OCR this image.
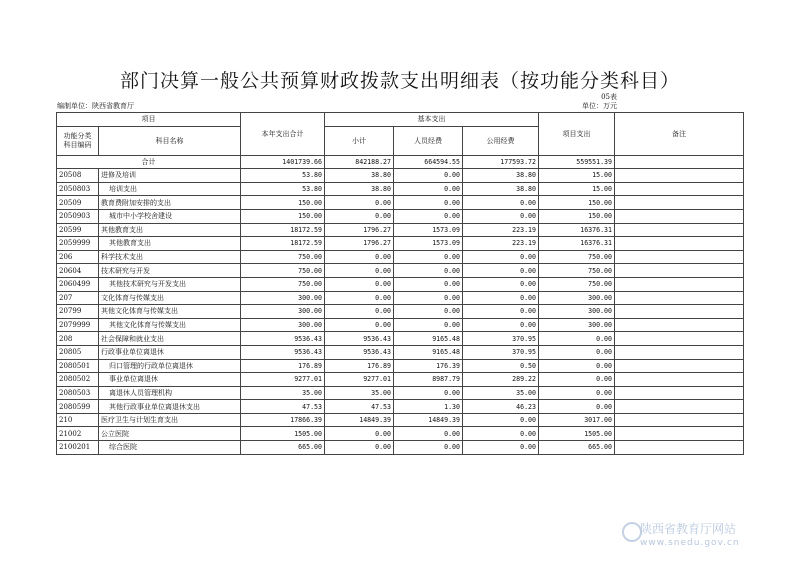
部门决算一般公共预算财政拨款支出明细表（按功能分类科目）
05表
编制单位：陕西省教育厅	单位：万元
项目		本年支出合计	基本支出			项目支出	备注
功能分类
科目编码	科目名称		小计	人员经费	公用经费		
合计		1401739.66	842188.27	664594.55	177593.72	559551.39	
20508	进修及培训	53.80	38.80	0.00	38.80	15.00	
2050803	培训支出	53.80	38.80	0.00	38.80	15.00	
20509	教育费附加安排的支出	150.00	0.00	0.00	0.00	150.00	
2050903	城市中小学校舍建设	150.00	0.00	0.00	0.00	150.00	
20599	其他教育支出	18172.59	1796.27	1573.09	223.19	16376.31	
2059999	其他教育支出	18172.59	1796.27	1573.09	223.19	16376.31	
206	科学技术支出	750.00	0.00	0.00	0.00	750.00	
20604	技术研究与开发	750.00	0.00	0.00	0.00	750.00	
2060499	其他技术研究与开发支出	750.00	0.00	0.00	0.00	750.00	
207	文化体育与传媒支出	300.00	0.00	0.00	0.00	300.00	
20799	其他文化体育与传媒支出	300.00	0.00	0.00	0.00	300.00	
2079999	其他文化体育与传媒支出	300.00	0.00	0.00	0.00	300.00	
208	社会保障和就业支出	9536.43	9536.43	9165.48	370.95	0.00	
20805	行政事业单位离退休	9536.43	9536.43	9165.48	370.95	0.00	
2080501	归口管理的行政单位离退休	176.89	176.89	176.39	0.50	0.00	
2080502	事业单位离退休	9277.01	9277.01	8987.79	289.22	0.00	
2080503	离退休人员管理机构	35.00	35.00	0.00	35.00	0.00	
2080599	其他行政事业单位离退休支出	47.53	47.53	1.30	46.23	0.00	
210	医疗卫生与计划生育支出	17866.39	14849.39	14849.39	0.00	3017.00	
21002	公立医院	1505.00	0.00	0.00	0.00	1505.00	
2100201	综合医院	665.00	0.00	0.00	0.00	665.00	
陕西省教育厅网站
www.snedu.gov.cn
